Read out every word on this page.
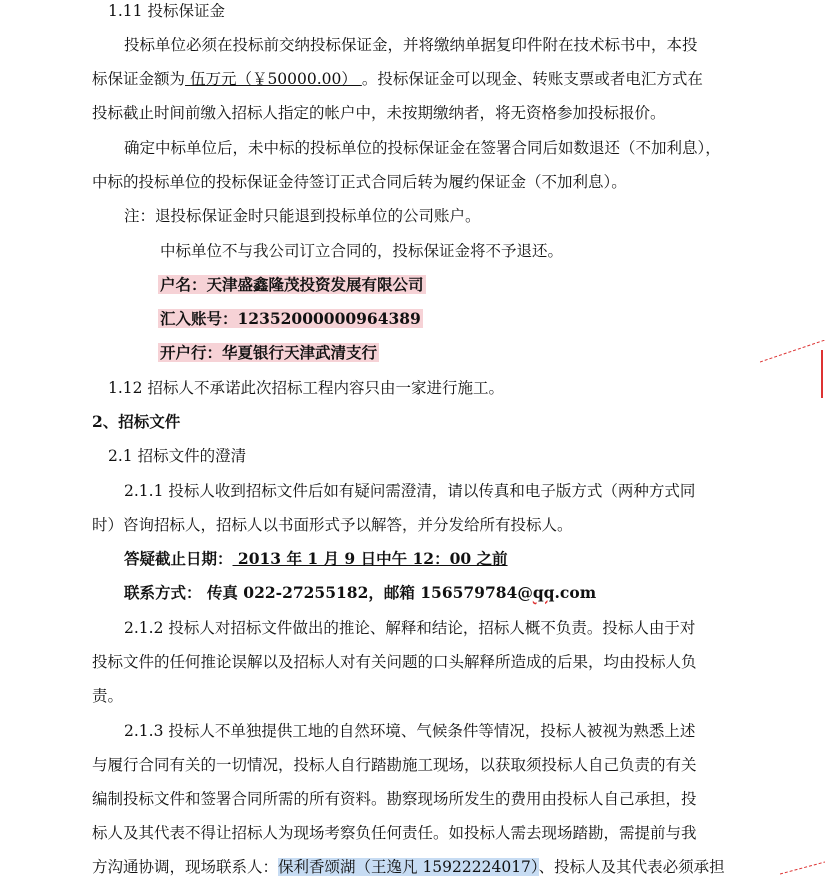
1.11 投标保证金
投标单位必须在投标前交纳投标保证金，并将缴纳单据复印件附在技术标书中，本投
标保证金额为 伍万元（￥50000.00） 。投标保证金可以现金、转账支票或者电汇方式在
投标截止时间前缴入招标人指定的帐户中，未按期缴纳者，将无资格参加投标报价。
确定中标单位后，未中标的投标单位的投标保证金在签署合同后如数退还（不加利息），
中标的投标单位的投标保证金待签订正式合同后转为履约保证金（不加利息）。
注：退投标保证金时只能退到投标单位的公司账户。
中标单位不与我公司订立合同的，投标保证金将不予退还。
户名：天津盛鑫隆茂投资发展有限公司
汇入账号：12352000000964389
开户行：华夏银行天津武清支行
1.12 招标人不承诺此次招标工程内容只由一家进行施工。
2、招标文件
2.1 招标文件的澄清
2.1.1 投标人收到招标文件后如有疑问需澄清，请以传真和电子版方式（两种方式同
时）咨询招标人，招标人以书面形式予以解答，并分发给所有投标人。
答疑截止日期： 2013 年 1 月 9 日中午 12：00 之前
联系方式： 传真 022-27255182，邮箱 156579784@qq.com
2.1.2 投标人对招标文件做出的推论、解释和结论，招标人概不负责。投标人由于对
投标文件的任何推论误解以及招标人对有关问题的口头解释所造成的后果，均由投标人负
责。
2.1.3 投标人不单独提供工地的自然环境、气候条件等情况，投标人被视为熟悉上述
与履行合同有关的一切情况，投标人自行踏勘施工现场，以获取须投标人自己负责的有关
编制投标文件和签署合同所需的所有资料。勘察现场所发生的费用由投标人自己承担，投
标人及其代表不得让招标人为现场考察负任何责任。如投标人需去现场踏勘，需提前与我
方沟通协调，现场联系人：保利香颂湖（王逸凡 15922224017）、投标人及其代表必须承担
